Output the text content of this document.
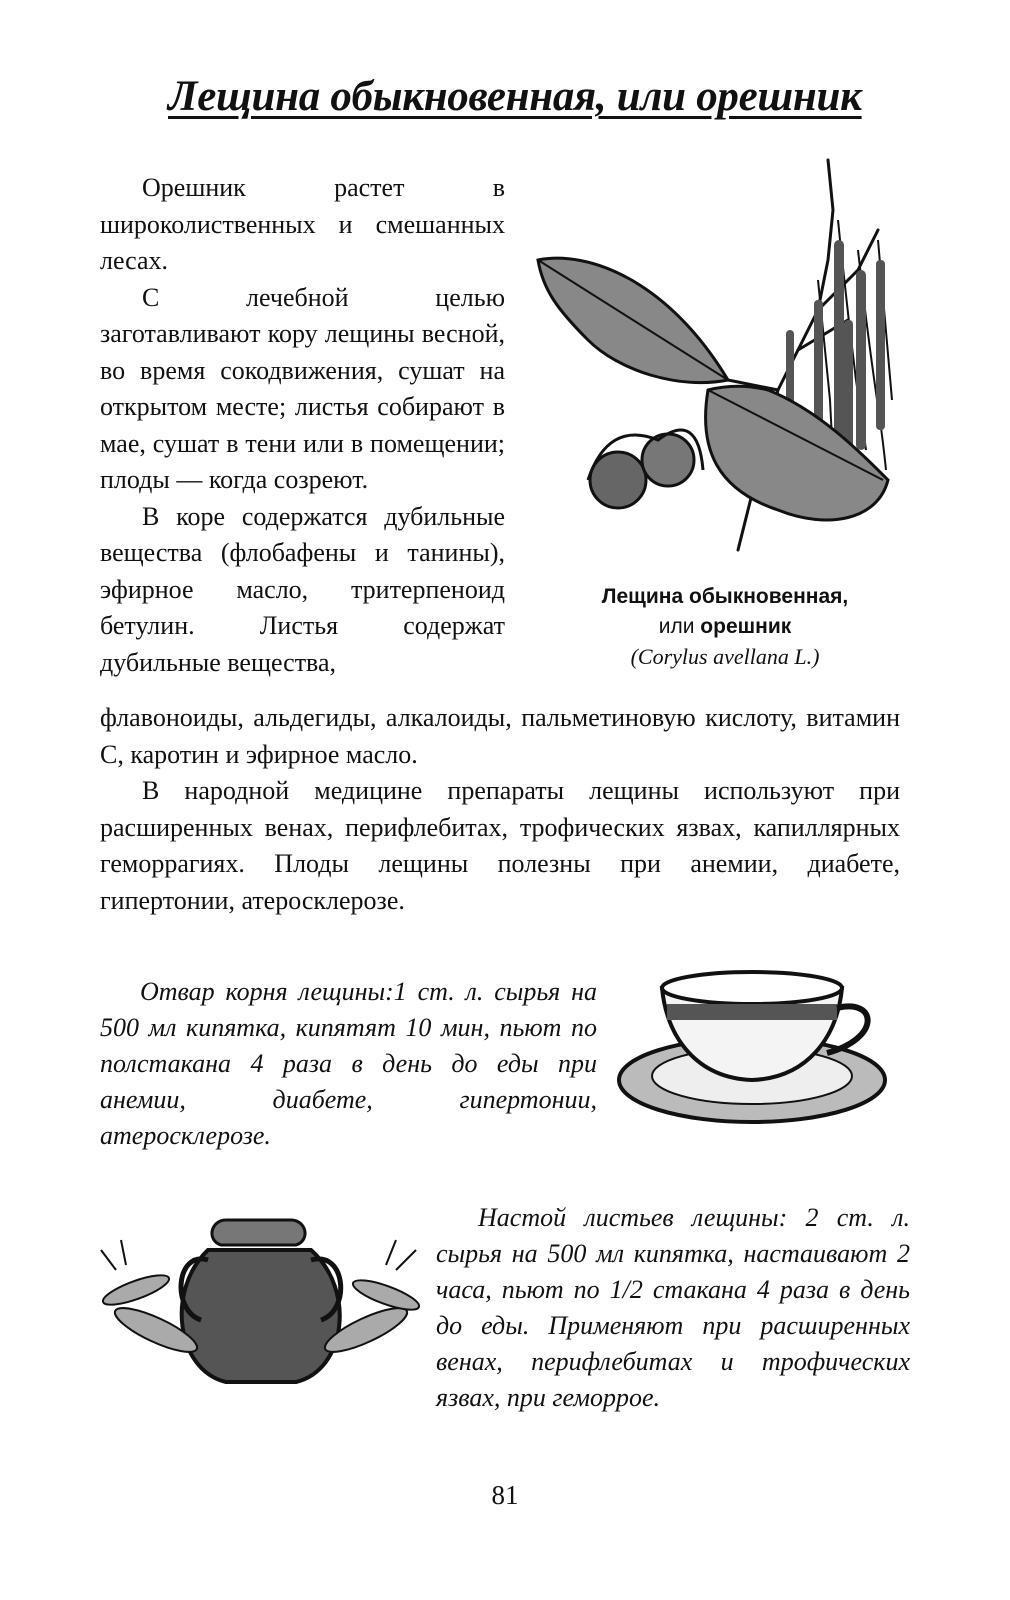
Лещина обыкновенная, или орешник

Орешник растет в широколиственных и смешанных лесах.

С лечебной целью заготавливают кору лещины весной, во время сокодвижения, сушат на открытом месте; листья собирают в мае, сушат в тени или в помещении; плоды — когда созреют.

В коре содержатся дубильные вещества (флобафены и танины), эфирное масло, тритерпеноид бетулин. Листья содержат дубильные вещества,

флавоноиды, альдегиды, алкалоиды, пальметиновую кислоту, витамин С, каротин и эфирное масло.

В народной медицине препараты лещины используют при расширенных венах, перифлебитах, трофических язвах, капиллярных геморрагиях. Плоды лещины полезны при анемии, диабете, гипертонии, атеросклерозе.

Лещина обыкновенная,
или орешник
(Corylus avellana L.)
Отвар корня лещины:1 ст. л. сырья на 500 мл кипятка, кипятят 10 мин, пьют по полстакана 4 раза в день до еды при анемии, диабете, гипертонии, атеросклерозе.
Настой листьев лещины: 2 ст. л. сырья на 500 мл кипятка, настаивают 2 часа, пьют по 1/2 стакана 4 раза в день до еды. Применяют при расширенных венах, перифлебитах и трофических язвах, при геморрое.
81
